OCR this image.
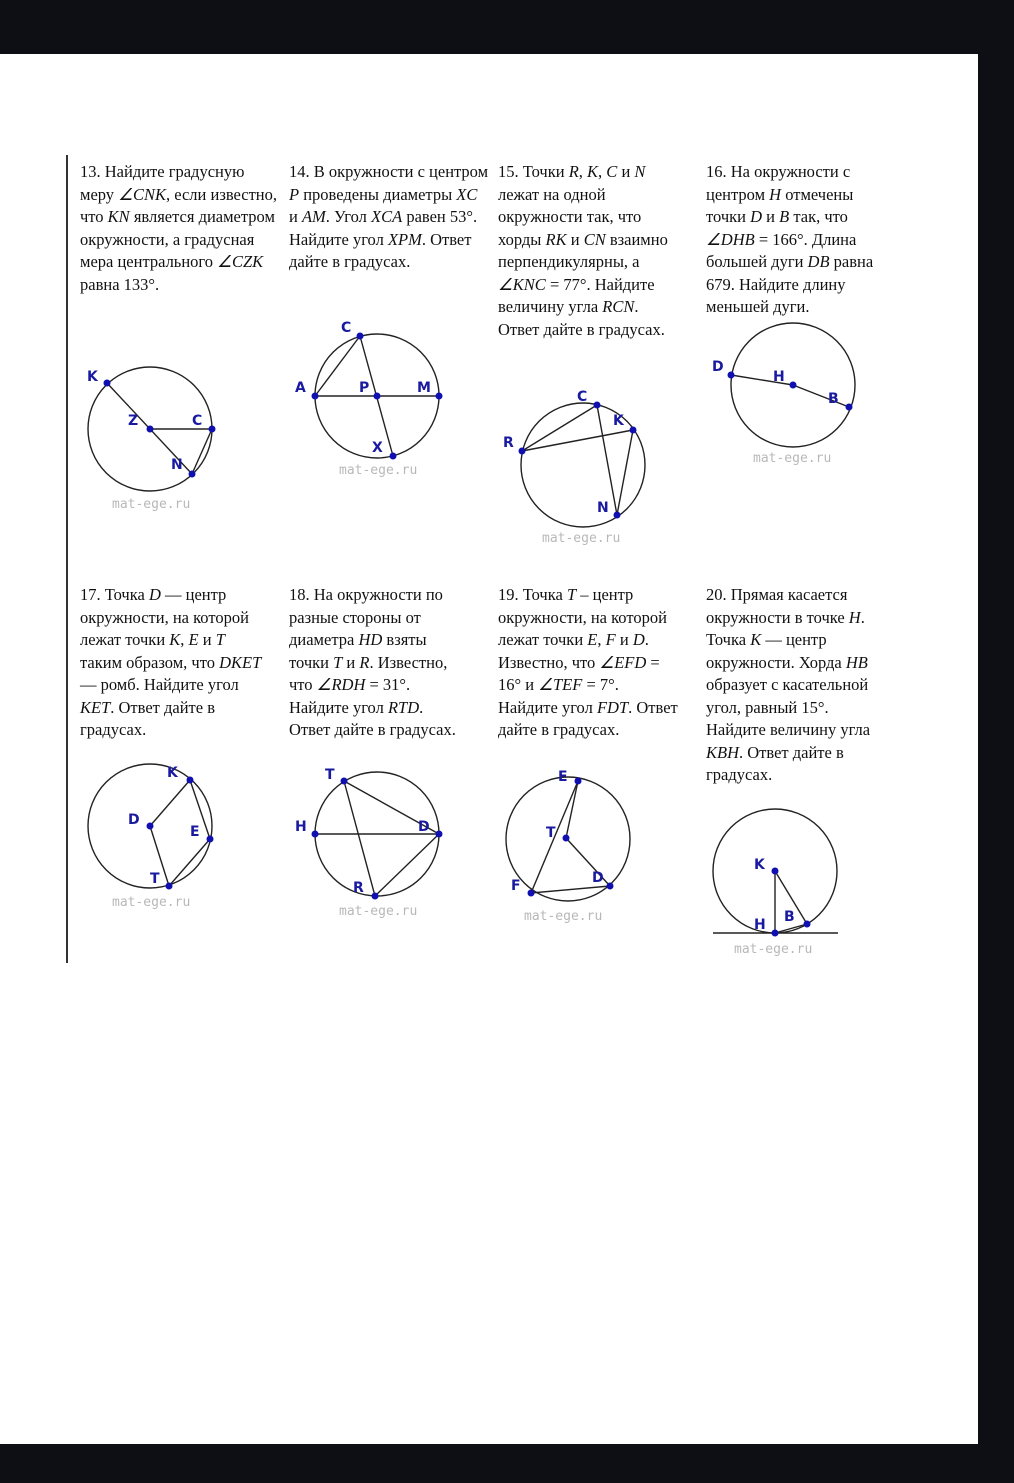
13. Найдите градусную меру ∠CNK, если известно, что KN является диаметром окружности, а градусная мера центрального ∠CZK равна 133°.

14. В окружности с центром P проведены диаметры XC и AM. Угол XCA равен 53°. Найдите угол XPM. Ответ дайте в градусах.

15. Точки R, K, C и N лежат на одной окружности так, что хорды RK и CN взаимно перпендикулярны, а ∠KNC = 77°. Найдите величину угла RCN. Ответ дайте в градусах.

16. На окружности с центром H отмечены точки D и B так, что ∠DHB = 166°. Длина большей дуги DB равна 679. Найдите длину меньшей дуги.

17. Точка D — центр окружности, на которой лежат точки K, E и T таким образом, что DKET — ромб. Найдите угол KET. Ответ дайте в градусах.

18. На окружности по разные стороны от диаметра HD взяты точки T и R. Известно, что ∠RDH = 31°. Найдите угол RTD. Ответ дайте в градусах.

19. Точка T – центр окружности, на которой лежат точки E, F и D. Известно, что ∠EFD = 16° и ∠TEF = 7°. Найдите угол FDT. Ответ дайте в градусах.

20. Прямая касается окружности в точке H. Точка K — центр окружности. Хорда HB образует с касательной угол, равный 15°. Найдите величину угла KBH. Ответ дайте в градусах.

K
Z	C
N
mat-ege.ru
C
A	P	M
X
mat-ege.ru
C
K
R
N
mat-ege.ru
D
H
B
mat-ege.ru
K
D
E
T
mat-ege.ru
T
H	D
R
mat-ege.ru
E
T
F	D
mat-ege.ru
K
H B
mat-ege.ru
